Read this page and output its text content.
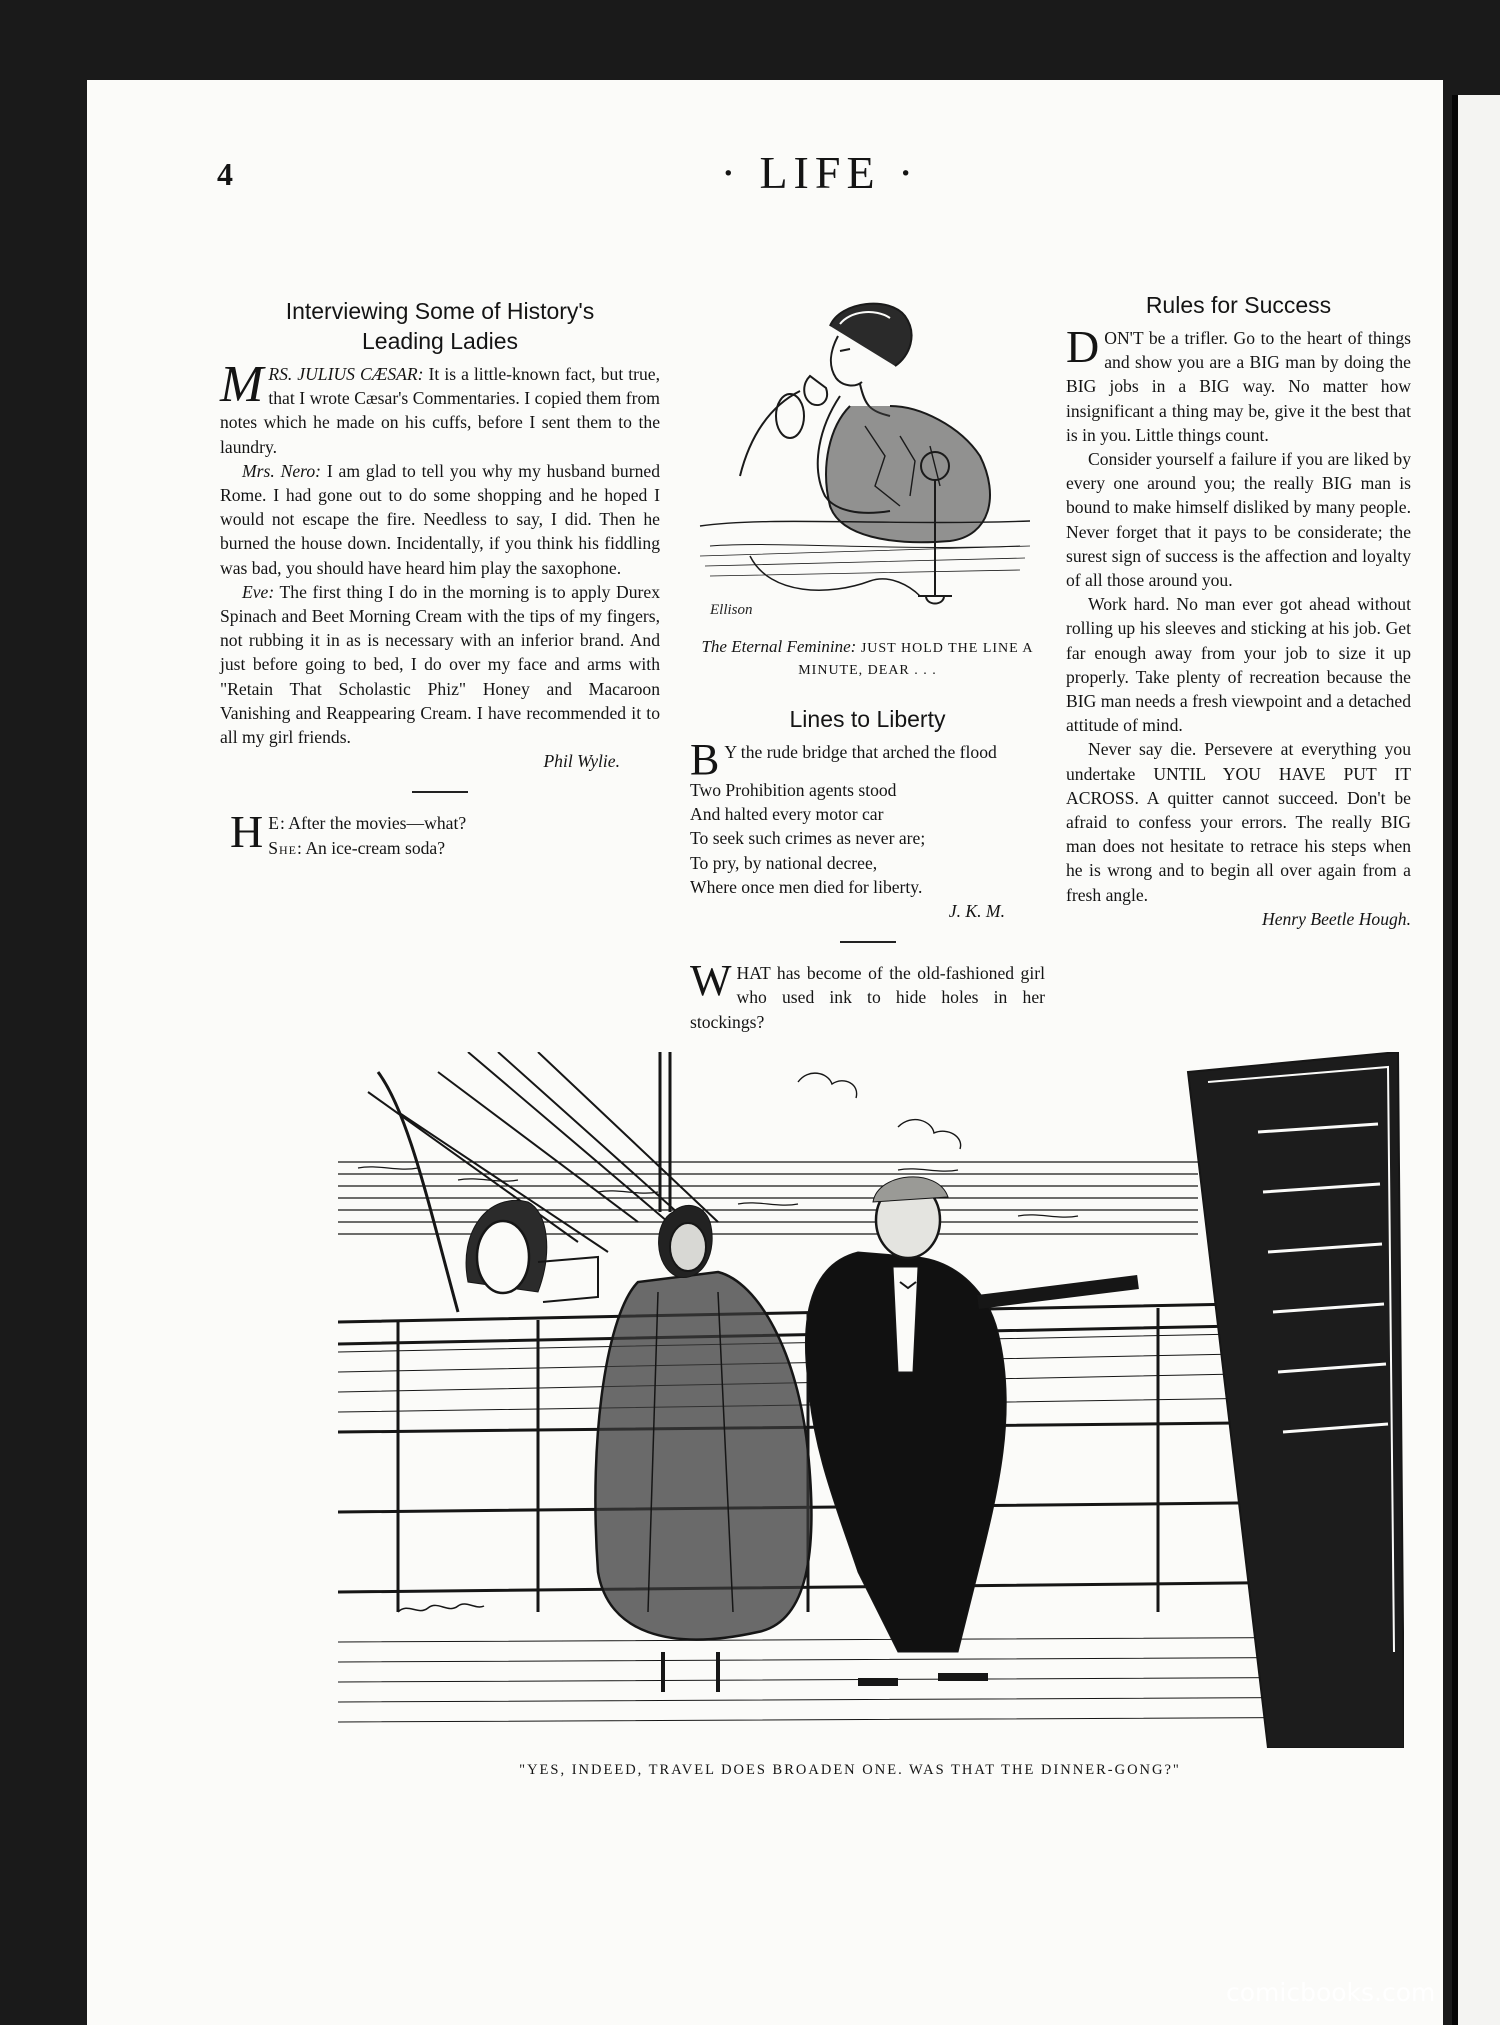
4	· LIFE ·
Interviewing Some of History's
Leading Ladies

MRS. JULIUS CÆSAR: It is a little-known fact, but true, that I wrote Cæsar's Commentaries. I copied them from notes which he made on his cuffs, before I sent them to the laundry.

Mrs. Nero: I am glad to tell you why my husband burned Rome. I had gone out to do some shopping and he hoped I would not escape the fire. Needless to say, I did. Then he burned the house down. Incidentally, if you think his fiddling was bad, you should have heard him play the saxophone.

Eve: The first thing I do in the morning is to apply Durex Spinach and Beet Morning Cream with the tips of my fingers, not rubbing it in as is necessary with an inferior brand. And just before going to bed, I do over my face and arms with "Retain That Scholastic Phiz" Honey and Macaroon Vanishing and Reappearing Cream. I have recommended it to all my girl friends.

Phil Wylie.

H E: After the movies—what?
She: An ice-cream soda?

Ellison
The Eternal Feminine: JUST HOLD THE LINE A MINUTE, DEAR . . .
Lines to Liberty

B Y the rude bridge that arched the flood
Two Prohibition agents stood
And halted every motor car
To seek such crimes as never are;
To pry, by national decree,
Where once men died for liberty.

J. K. M.

WHAT has become of the old-fashioned girl who used ink to hide holes in her stockings?

Rules for Success

DON'T be a trifler. Go to the heart of things and show you are a BIG man by doing the BIG jobs in a BIG way. No matter how insignificant a thing may be, give it the best that is in you. Little things count.

Consider yourself a failure if you are liked by every one around you; the really BIG man is bound to make himself disliked by many people. Never forget that it pays to be considerate; the surest sign of success is the affection and loyalty of all those around you.

Work hard. No man ever got ahead without rolling up his sleeves and sticking at his job. Get far enough away from your job to size it up properly. Take plenty of recreation because the BIG man needs a fresh viewpoint and a detached attitude of mind.

Never say die. Persevere at everything you undertake UNTIL YOU HAVE PUT IT ACROSS. A quitter cannot succeed. Don't be afraid to confess your errors. The really BIG man does not hesitate to retrace his steps when he is wrong and to begin all over again from a fresh angle.

Henry Beetle Hough.

"YES, INDEED, TRAVEL DOES BROADEN ONE. WAS THAT THE DINNER-GONG?"
comicbooks.com
